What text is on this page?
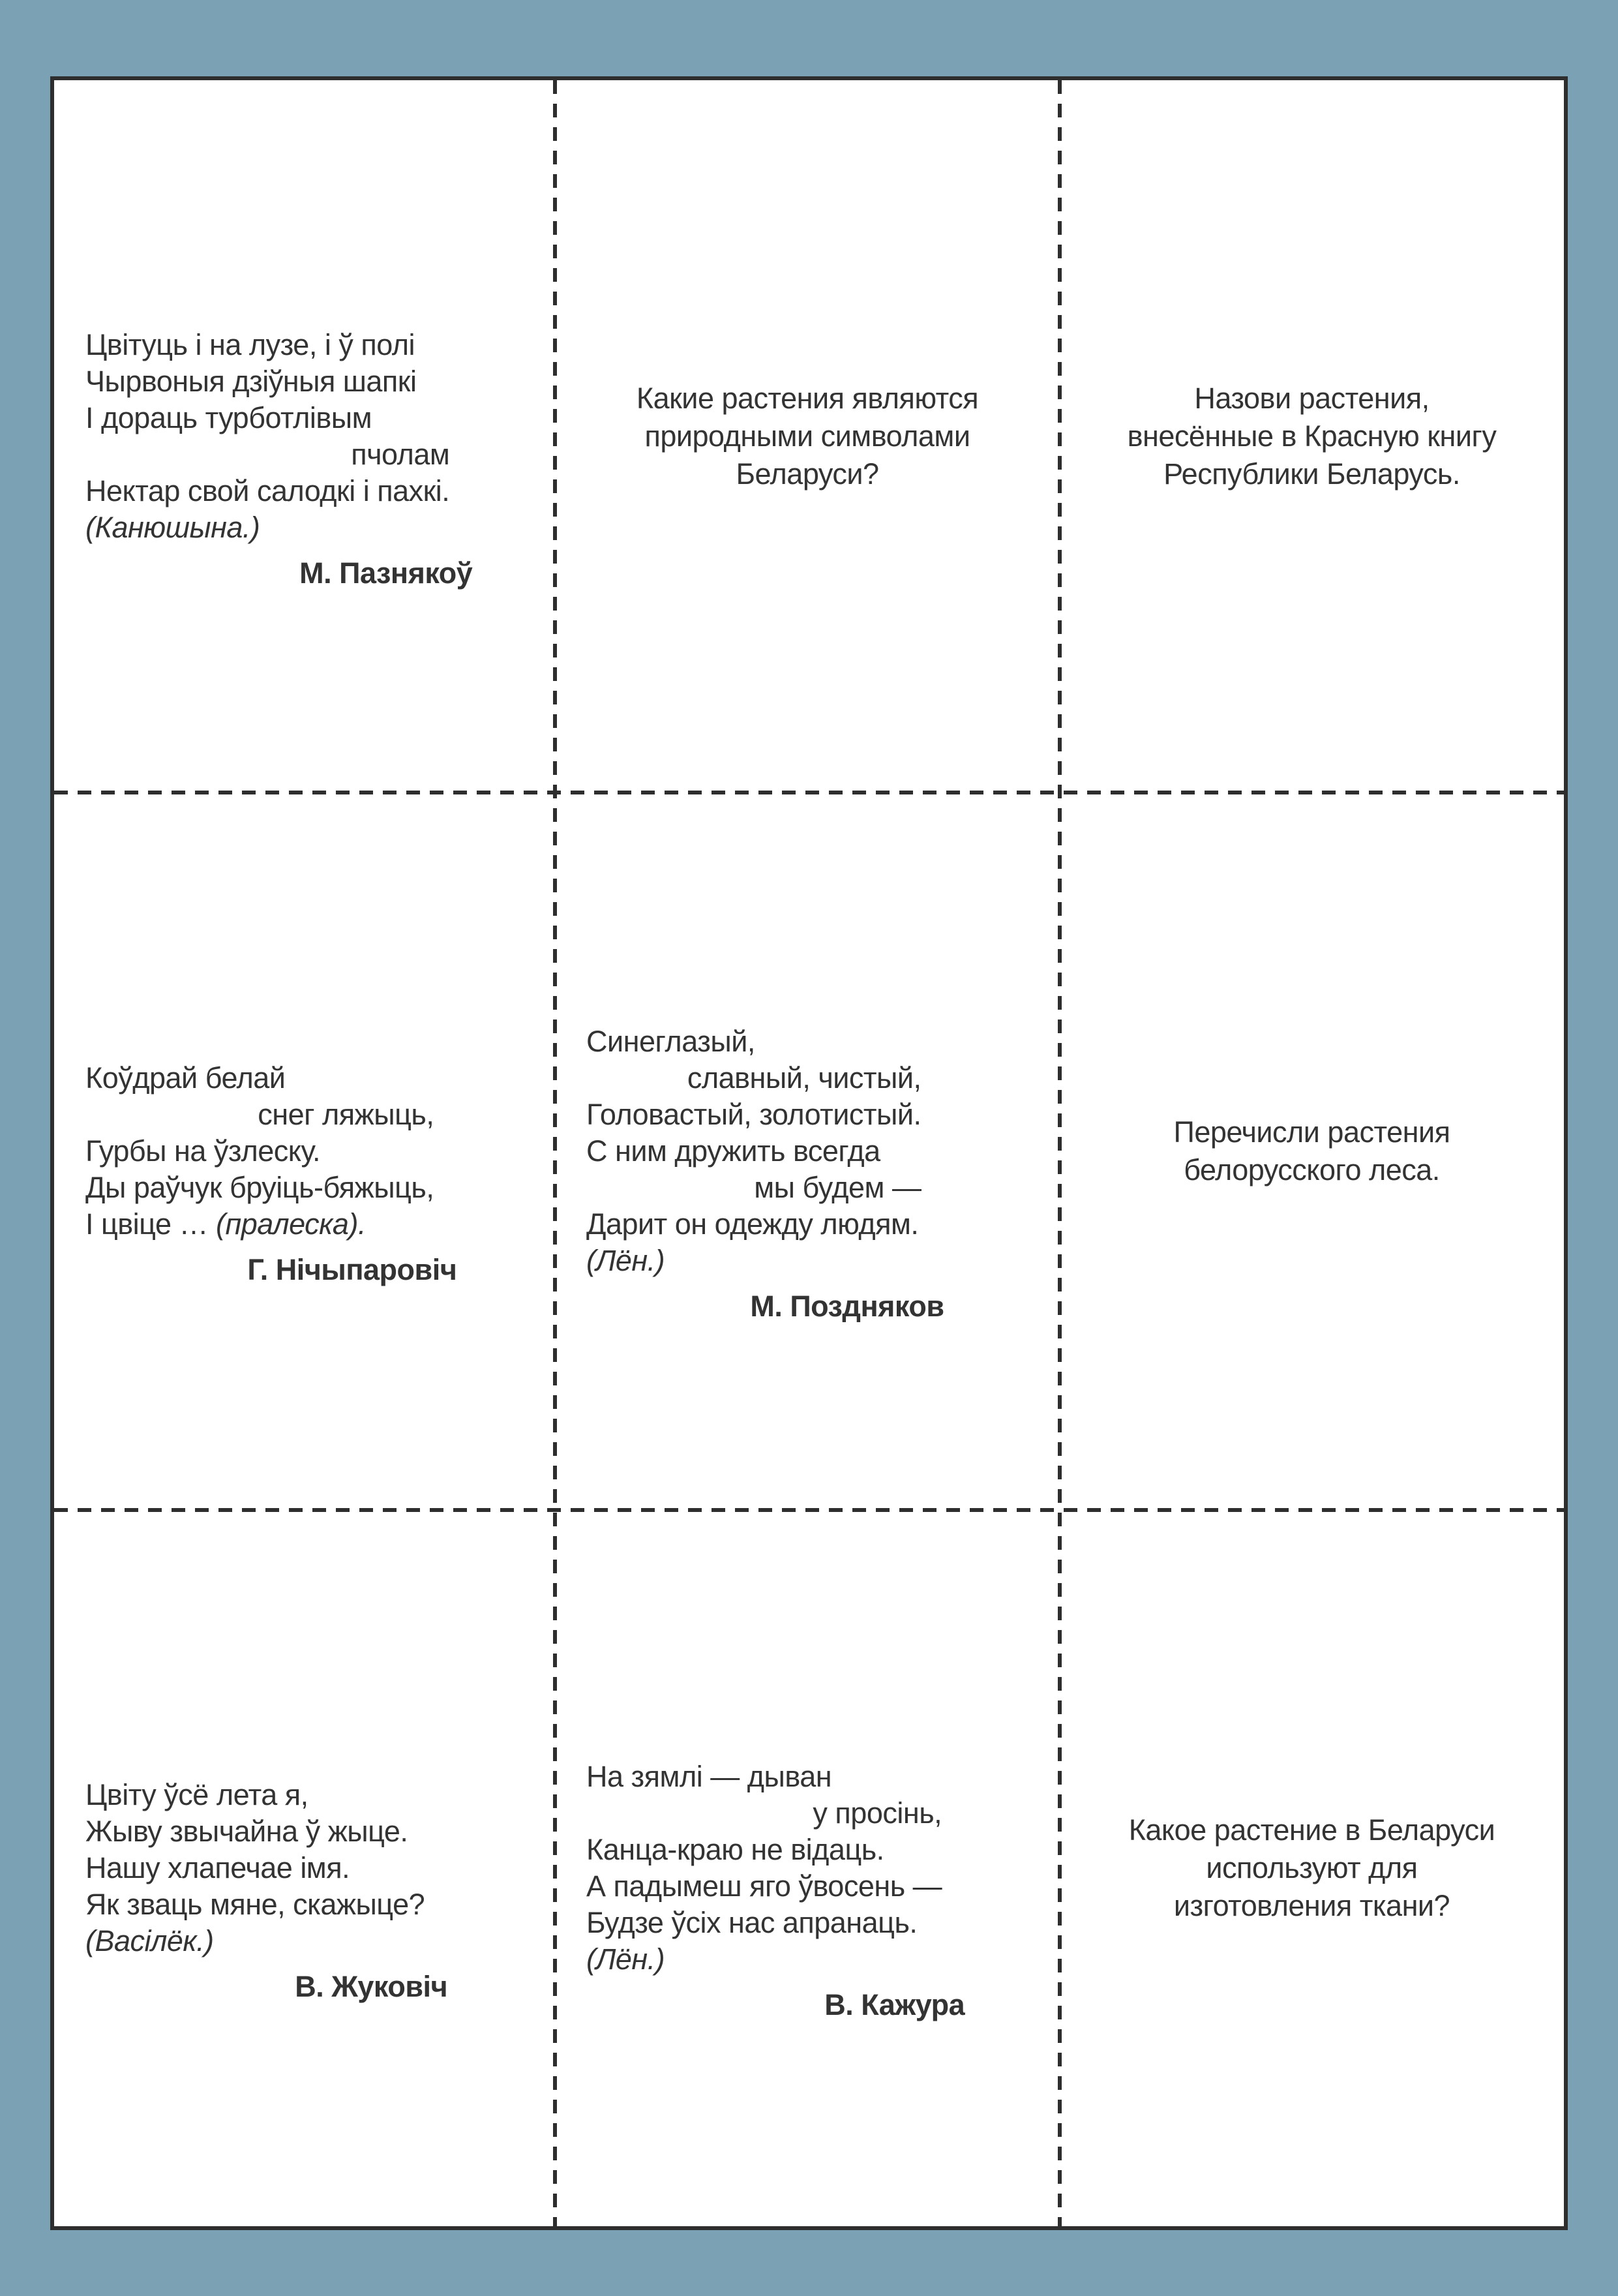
Цвітуць і на лузе, і ў полі
Чырвоныя дзіўныя шапкі
І дораць турботлівым
пчолам
Нектар свой салодкі і пахкі.
(Канюшына.)
М. Пазнякоў
Какие растения являются
природными символами
Беларуси?
Назови растения,
внесённые в Красную книгу
Республики Беларусь.
Коўдрай белай
снег ляжыць,
Гурбы на ўзлеску.
Ды раўчук бруіць-бяжыць,
І цвіце … (пралеска).
Г. Нічыпаровіч
Синеглазый,
славный, чистый,
Головастый, золотистый.
С ним дружить всегда
мы будем —
Дарит он одежду людям.
(Лён.)
М. Поздняков
Перечисли растения
белорусского леса.
Цвіту ўсё лета я,
Жыву звычайна ў жыце.
Нашу хлапечае імя.
Як зваць мяне, скажыце?
(Васілёк.)
В. Жуковіч
На зямлі — дыван
у просінь,
Канца-краю не відаць.
А падымеш яго ўвосень —
Будзе ўсіх нас апранаць.
(Лён.)
В. Кажура
Какое растение в Беларуси
используют для
изготовления ткани?
